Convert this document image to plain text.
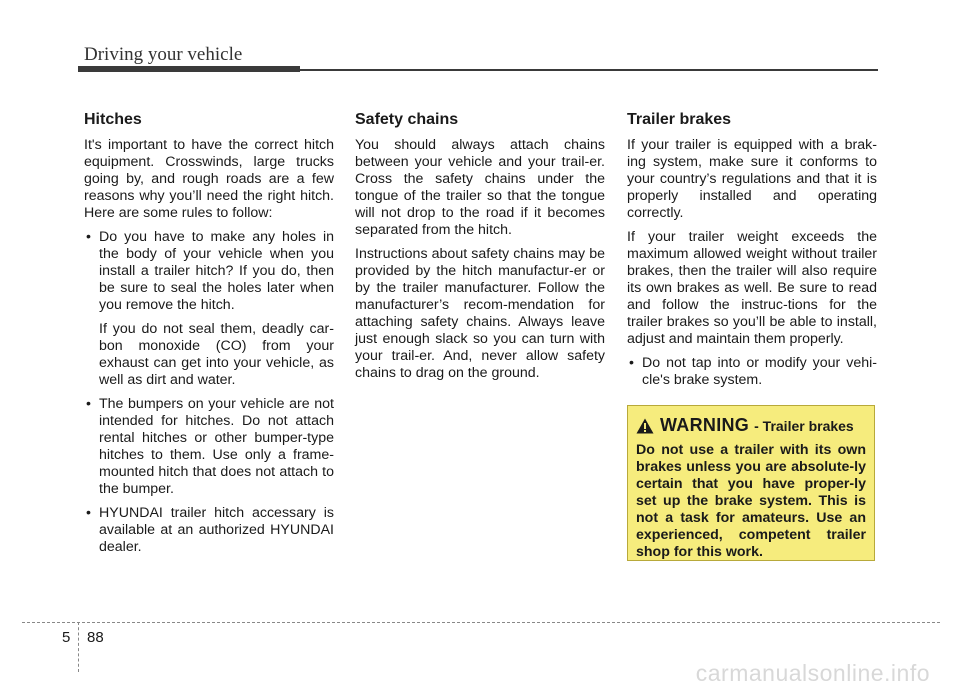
Driving your vehicle
Hitches

It's important to have the correct hitch equipment. Crosswinds, large trucks going by, and rough roads are a few reasons why you’ll need the right hitch. Here are some rules to follow:

• Do you have to make any holes in the body of your vehicle when you install a trailer hitch? If you do, then be sure to seal the holes later when you remove the hitch.
If you do not seal them, deadly car-bon monoxide (CO) from your exhaust can get into your vehicle, as well as dirt and water.
• The bumpers on your vehicle are not intended for hitches. Do not attach rental hitches or other bumper-type hitches to them. Use only a frame-mounted hitch that does not attach to the bumper.
• HYUNDAI trailer hitch accessary is available at an authorized HYUNDAI dealer.
Safety chains

You should always attach chains between your vehicle and your trail-er. Cross the safety chains under the tongue of the trailer so that the tongue will not drop to the road if it becomes separated from the hitch.

Instructions about safety chains may be provided by the hitch manufactur-er or by the trailer manufacturer. Follow the manufacturer’s recom-mendation for attaching safety chains. Always leave just enough slack so you can turn with your trail-er. And, never allow safety chains to drag on the ground.

Trailer brakes

If your trailer is equipped with a brak-ing system, make sure it conforms to your country’s regulations and that it is properly installed and operating correctly.

If your trailer weight exceeds the maximum allowed weight without trailer brakes, then the trailer will also require its own brakes as well. Be sure to read and follow the instruc-tions for the trailer brakes so you’ll be able to install, adjust and maintain them properly.

• Do not tap into or modify your vehi-cle's brake system.
WARNING - Trailer brakes

Do not use a trailer with its own brakes unless you are absolute-ly certain that you have proper-ly set up the brake system. This is not a task for amateurs. Use an experienced, competent trailer shop for this work.

5 88
carmanualsonline.info
